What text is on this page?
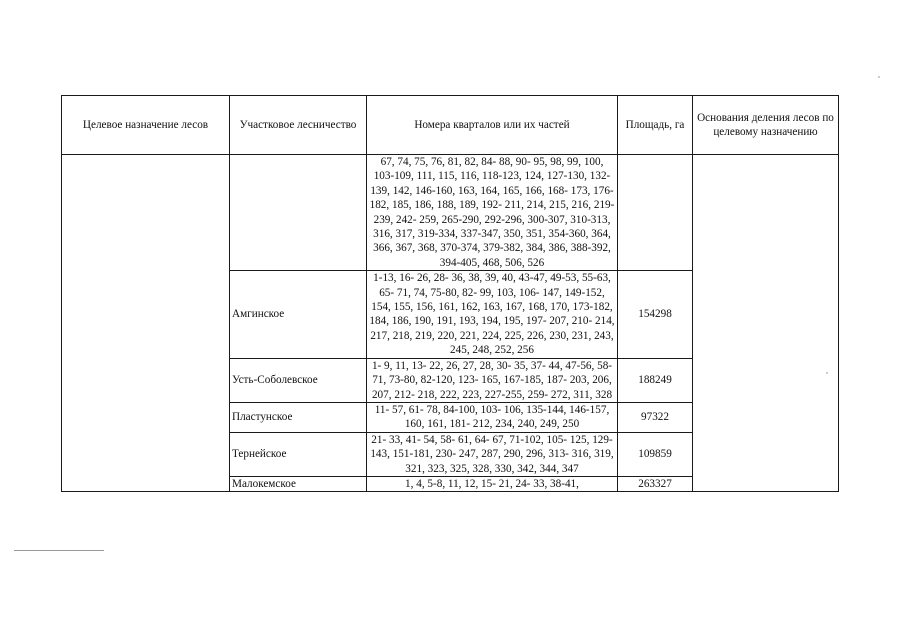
Целевое назначение лесов	Участковое лесничество	Номера кварталов или их частей	Площадь, га	Основания деления лесов по целевому назначению
		67, 74, 75, 76, 81, 82, 84- 88, 90- 95, 98, 99, 100, 103-109, 111, 115, 116, 118-123, 124, 127-130, 132-139, 142, 146-160, 163, 164, 165, 166, 168- 173, 176-182, 185, 186, 188, 189, 192- 211, 214, 215, 216, 219-239, 242- 259, 265-290, 292-296, 300-307, 310-313, 316, 317, 319-334, 337-347, 350, 351, 354-360, 364, 366, 367, 368, 370-374, 379-382, 384, 386, 388-392, 394-405, 468, 506, 526		
	Амгинское	1-13, 16- 26, 28- 36, 38, 39, 40, 43-47, 49-53, 55-63, 65- 71, 74, 75-80, 82- 99, 103, 106- 147, 149-152, 154, 155, 156, 161, 162, 163, 167, 168, 170, 173-182, 184, 186, 190, 191, 193, 194, 195, 197- 207, 210- 214, 217, 218, 219, 220, 221, 224, 225, 226, 230, 231, 243, 245, 248, 252, 256	154298	
	Усть-Соболевское	1- 9, 11, 13- 22, 26, 27, 28, 30- 35, 37- 44, 47-56, 58-71, 73-80, 82-120, 123- 165, 167-185, 187- 203, 206, 207, 212- 218, 222, 223, 227-255, 259- 272, 311, 328	188249	
	Пластунское	11- 57, 61- 78, 84-100, 103- 106, 135-144, 146-157, 160, 161, 181- 212, 234, 240, 249, 250	97322	
	Тернейское	21- 33, 41- 54, 58- 61, 64- 67, 71-102, 105- 125, 129-143, 151-181, 230- 247, 287, 290, 296, 313- 316, 319, 321, 323, 325, 328, 330, 342, 344, 347	109859	
	Малокемское	1, 4, 5-8, 11, 12, 15- 21, 24- 33, 38-41,	263327	
